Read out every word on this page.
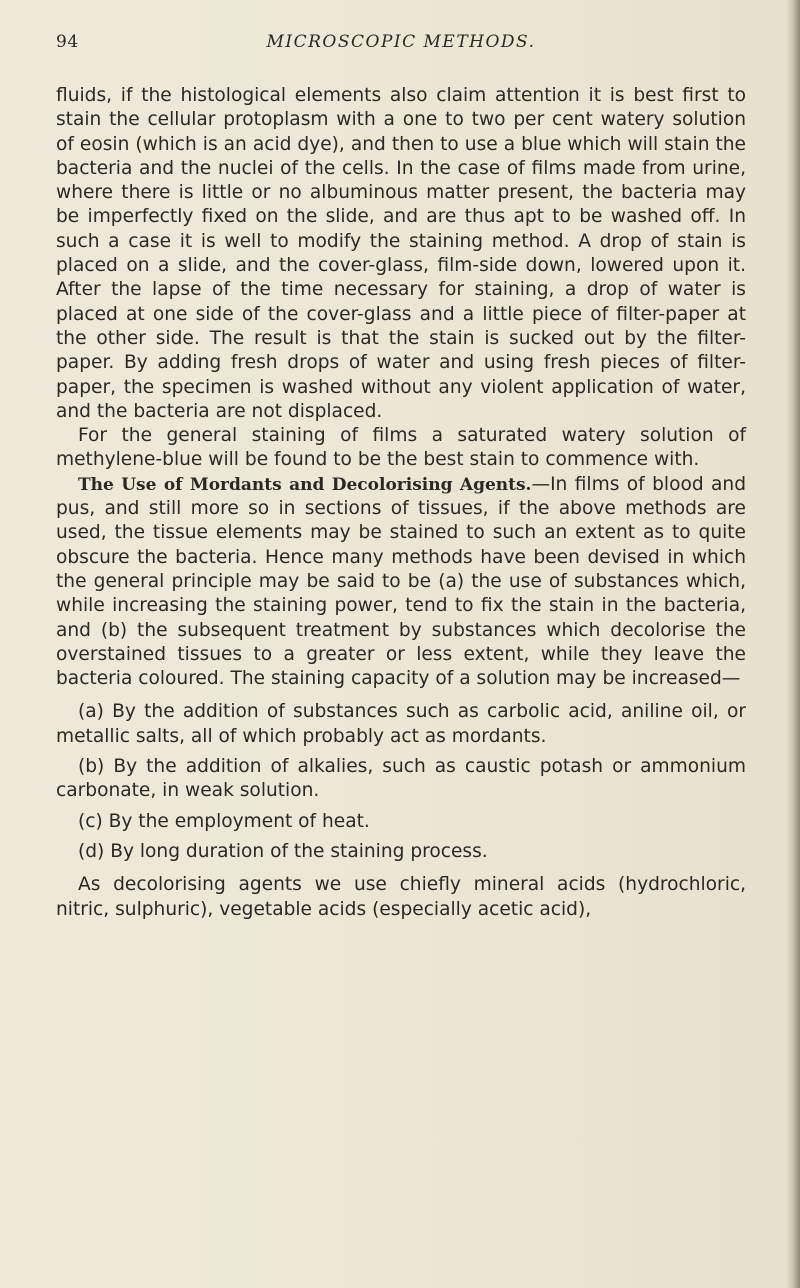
94	MICROSCOPIC METHODS.

fluids, if the histological elements also claim attention it is best first to stain the cellular protoplasm with a one to two per cent watery solution of eosin (which is an acid dye), and then to use a blue which will stain the bacteria and the nuclei of the cells. In the case of films made from urine, where there is little or no albuminous matter present, the bacteria may be imperfectly fixed on the slide, and are thus apt to be washed off. In such a case it is well to modify the staining method. A drop of stain is placed on a slide, and the cover-glass, film-side down, lowered upon it. After the lapse of the time necessary for staining, a drop of water is placed at one side of the cover-glass and a little piece of filter-paper at the other side. The result is that the stain is sucked out by the filter-paper. By adding fresh drops of water and using fresh pieces of filter-paper, the specimen is washed without any violent application of water, and the bacteria are not displaced.

For the general staining of films a saturated watery solution of methylene-blue will be found to be the best stain to commence with.

The Use of Mordants and Decolorising Agents.—In films of blood and pus, and still more so in sections of tissues, if the above methods are used, the tissue elements may be stained to such an extent as to quite obscure the bacteria. Hence many methods have been devised in which the general principle may be said to be (a) the use of substances which, while increasing the staining power, tend to fix the stain in the bacteria, and (b) the subsequent treatment by substances which decolorise the overstained tissues to a greater or less extent, while they leave the bacteria coloured. The staining capacity of a solution may be increased—

(a) By the addition of substances such as carbolic acid, aniline oil, or metallic salts, all of which probably act as mordants.

(b) By the addition of alkalies, such as caustic potash or ammonium carbonate, in weak solution.

(c) By the employment of heat.

(d) By long duration of the staining process.

As decolorising agents we use chiefly mineral acids (hydrochloric, nitric, sulphuric), vegetable acids (especially acetic acid),
